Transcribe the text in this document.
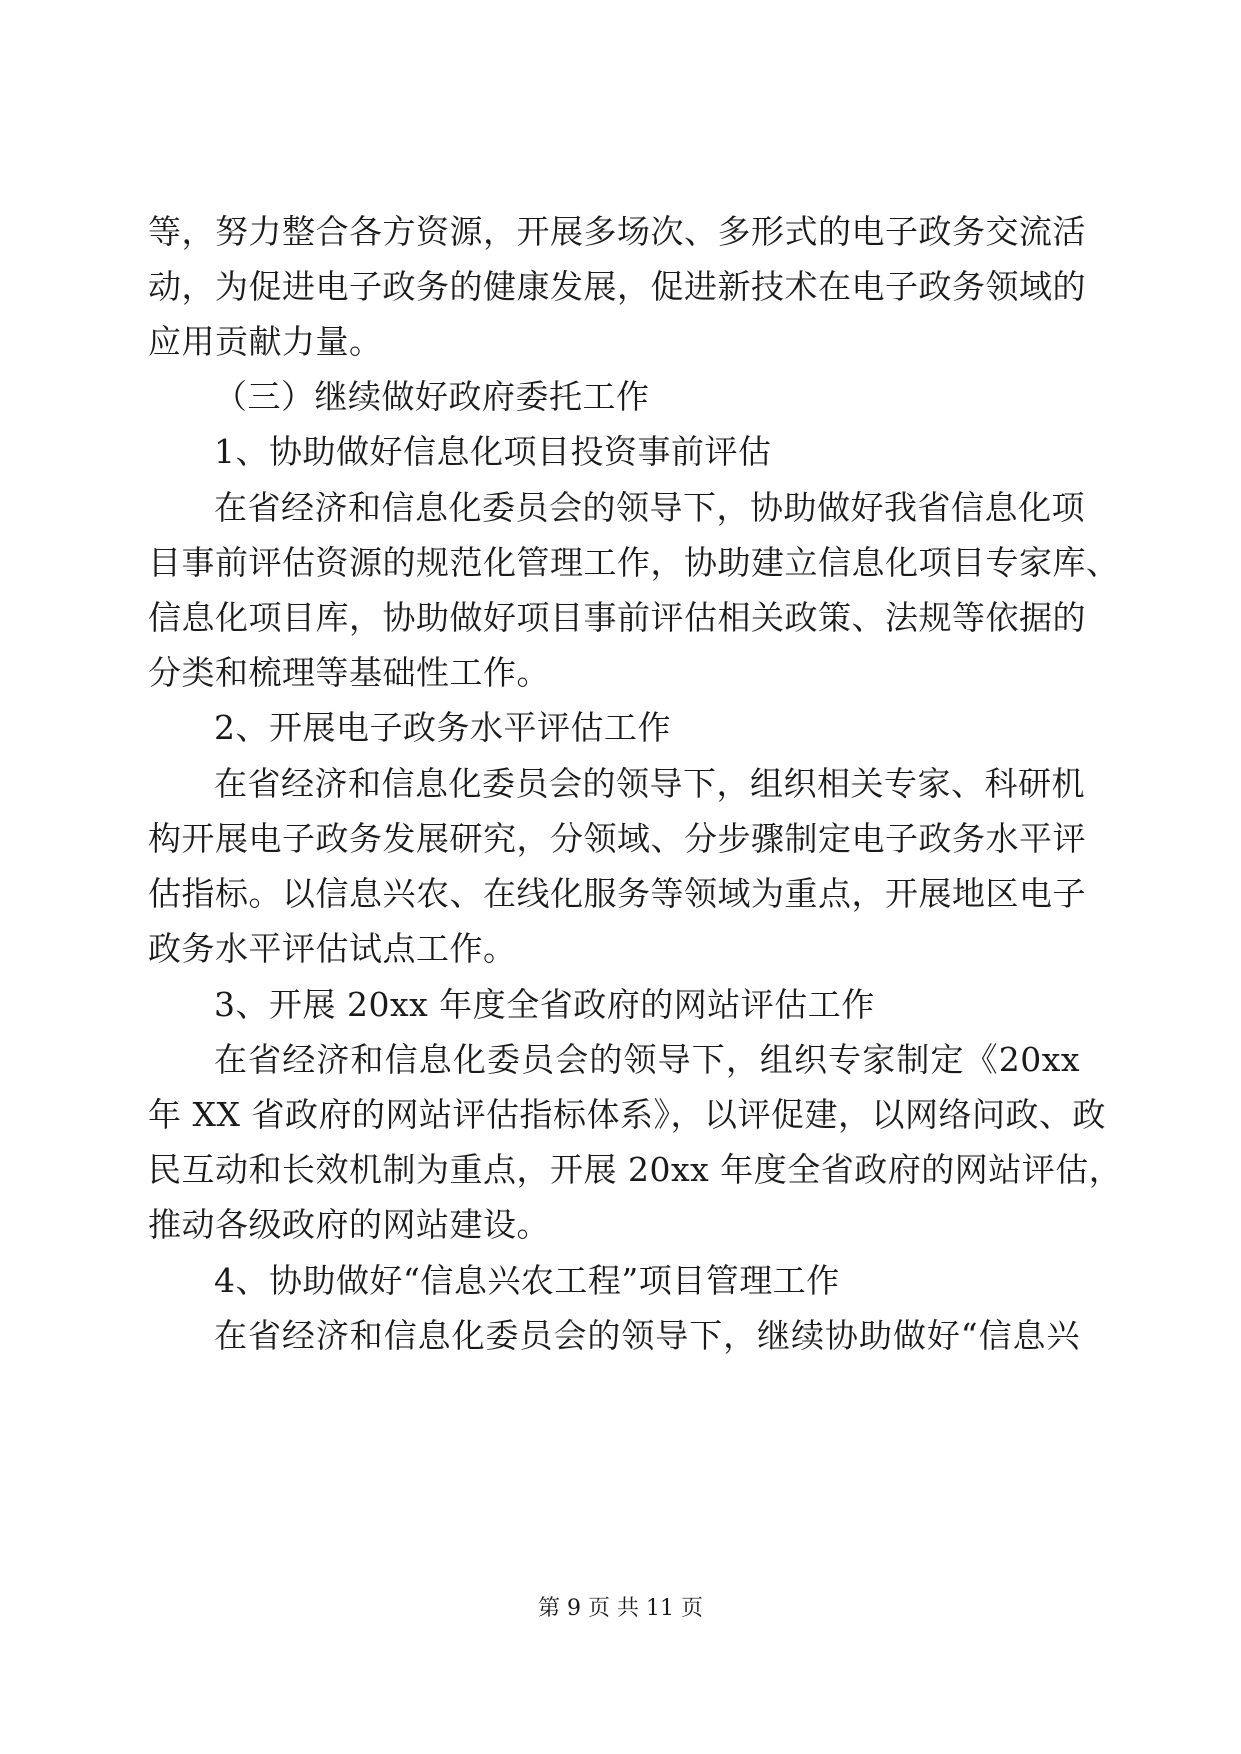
等，努力整合各方资源，开展多场次、多形式的电子政务交流活
动，为促进电子政务的健康发展，促进新技术在电子政务领域的
应用贡献力量。
（三）继续做好政府委托工作
1、协助做好信息化项目投资事前评估
在省经济和信息化委员会的领导下，协助做好我省信息化项
目事前评估资源的规范化管理工作，协助建立信息化项目专家库、
信息化项目库，协助做好项目事前评估相关政策、法规等依据的
分类和梳理等基础性工作。
2、开展电子政务水平评估工作
在省经济和信息化委员会的领导下，组织相关专家、科研机
构开展电子政务发展研究，分领域、分步骤制定电子政务水平评
估指标。以信息兴农、在线化服务等领域为重点，开展地区电子
政务水平评估试点工作。
3、开展 20xx 年度全省政府的网站评估工作
在省经济和信息化委员会的领导下，组织专家制定《20xx
年 XX 省政府的网站评估指标体系》，以评促建，以网络问政、政
民互动和长效机制为重点，开展 20xx 年度全省政府的网站评估，
推动各级政府的网站建设。
4、协助做好“信息兴农工程”项目管理工作
在省经济和信息化委员会的领导下，继续协助做好“信息兴
第 9 页 共 11 页
